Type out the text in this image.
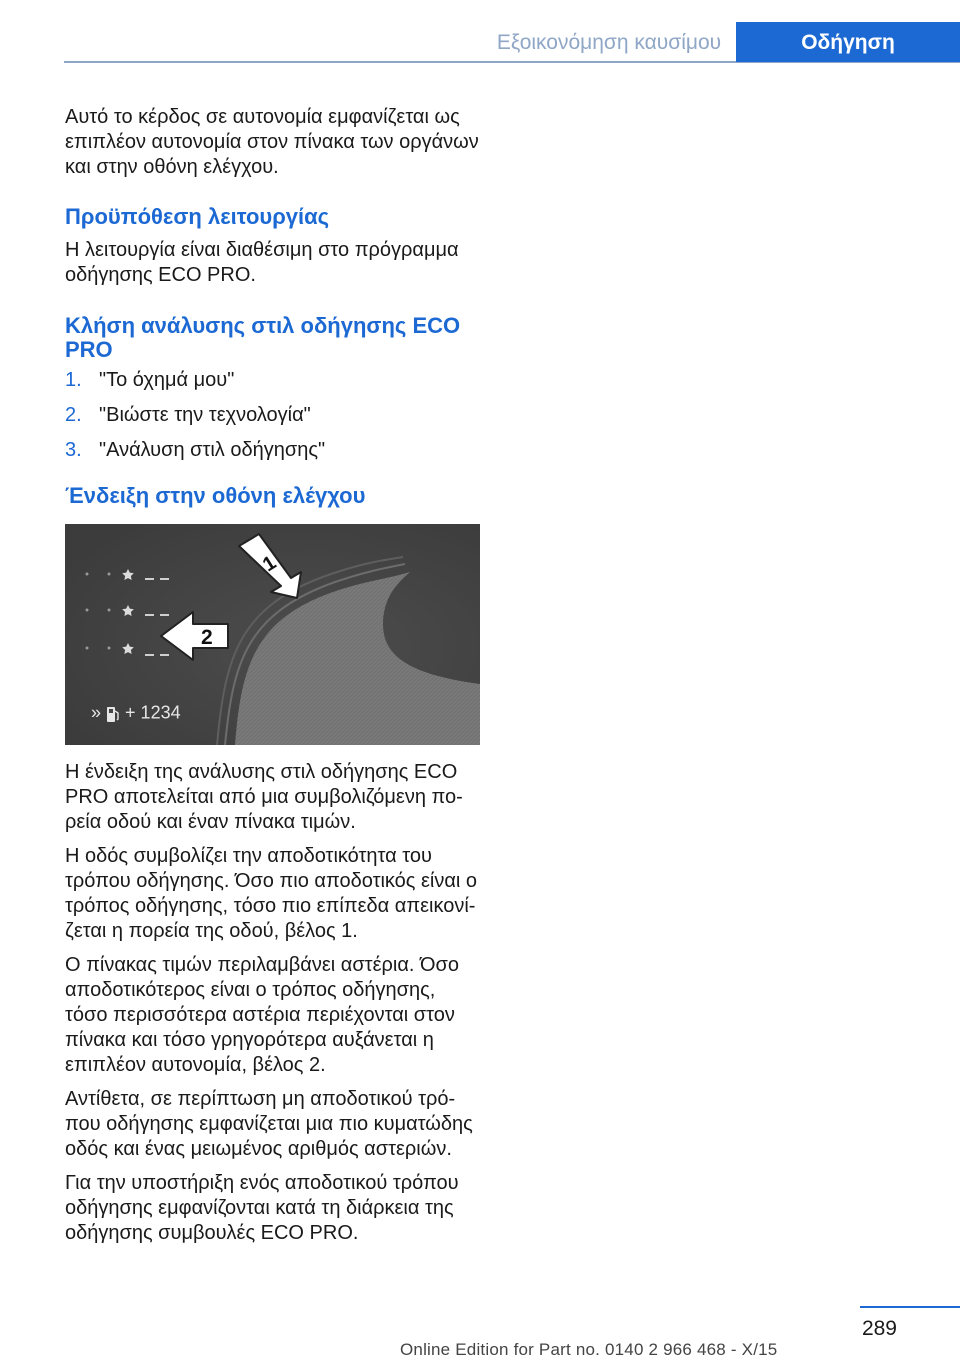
Εξοικονόμηση καυσίμου	Οδήγηση

Αυτό το κέρδος σε αυτονομία εμφανίζεται ως επιπλέον αυτονομία στον πίνακα των οργάνων και στην οθόνη ελέγχου.

Προϋπόθεση λειτουργίας

Η λειτουργία είναι διαθέσιμη στο πρόγραμμα οδήγησης ECO PRO.

Κλήση ανάλυσης στιλ οδήγησης ECO PRO
1. "Το όχημά μου"
2. "Βιώστε την τεχνολογία"
3. "Ανάλυση στιλ οδήγησης"
Ένδειξη στην οθόνη ελέγχου
1
2
» + 1234

Η ένδειξη της ανάλυσης στιλ οδήγησης ECO PRO αποτελείται από μια συμβολιζόμενη πο‐ ρεία οδού και έναν πίνακα τιμών.

Η οδός συμβολίζει την αποδοτικότητα του τρόπου οδήγησης. Όσο πιο αποδοτικός είναι ο τρόπος οδήγησης, τόσο πιο επίπεδα απεικονί‐ ζεται η πορεία της οδού, βέλος 1.

Ο πίνακας τιμών περιλαμβάνει αστέρια. Όσο αποδοτικότερος είναι ο τρόπος οδήγησης, τόσο περισσότερα αστέρια περιέχονται στον πίνακα και τόσο γρηγορότερα αυξάνεται η επιπλέον αυτονομία, βέλος 2.

Αντίθετα, σε περίπτωση μη αποδοτικού τρό‐ που οδήγησης εμφανίζεται μια πιο κυματώδης οδός και ένας μειωμένος αριθμός αστεριών.

Για την υποστήριξη ενός αποδοτικού τρόπου οδήγησης εμφανίζονται κατά τη διάρκεια της οδήγησης συμβουλές ECO PRO.

289
Online Edition for Part no. 0140 2 966 468 - X/15
